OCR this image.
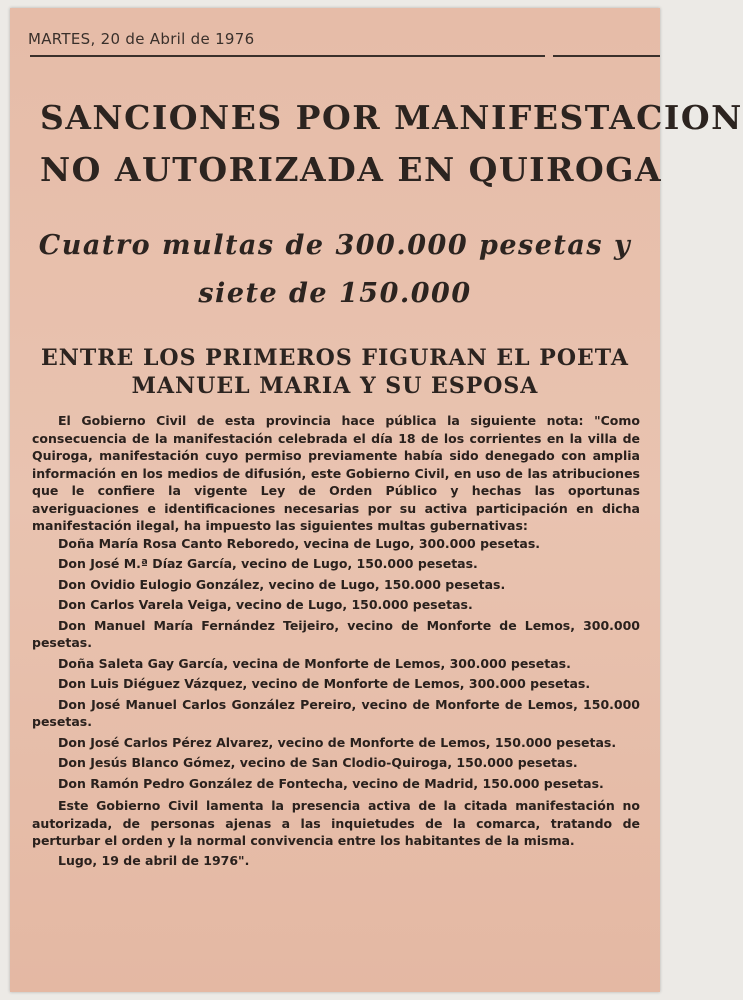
MARTES, 20 de Abril de 1976
SANCIONES POR MANIFESTACION
NO AUTORIZADA EN QUIROGA
Cuatro multas de 300.000 pesetas y
siete de 150.000
ENTRE LOS PRIMEROS FIGURAN EL POETA
MANUEL MARIA Y SU ESPOSA

El Gobierno Civil de esta provincia hace pública la siguiente nota: "Como consecuencia de la manifestación celebrada el día 18 de los corrientes en la villa de Quiroga, manifestación cuyo permiso previamente había sido denegado con amplia información en los medios de difusión, este Gobierno Civil, en uso de las atribuciones que le confiere la vigente Ley de Orden Público y hechas las oportunas averiguaciones e identificaciones necesarias por su activa participación en dicha manifestación ilegal, ha impuesto las siguientes multas gubernativas:

Doña María Rosa Canto Reboredo, vecina de Lugo, 300.000 pesetas.

Don José M.ª Díaz García, vecino de Lugo, 150.000 pesetas.

Don Ovidio Eulogio González, vecino de Lugo, 150.000 pesetas.

Don Carlos Varela Veiga, vecino de Lugo, 150.000 pesetas.

Don Manuel María Fernández Teijeiro, vecino de Monforte de Lemos, 300.000 pesetas.

Doña Saleta Gay García, vecina de Monforte de Lemos, 300.000 pesetas.

Don Luis Diéguez Vázquez, vecino de Monforte de Lemos, 300.000 pesetas.

Don José Manuel Carlos González Pereiro, vecino de Monforte de Lemos, 150.000 pesetas.

Don José Carlos Pérez Alvarez, vecino de Monforte de Lemos, 150.000 pesetas.

Don Jesús Blanco Gómez, vecino de San Clodio-Quiroga, 150.000 pesetas.

Don Ramón Pedro González de Fontecha, vecino de Madrid, 150.000 pesetas.

Este Gobierno Civil lamenta la presencia activa de la citada manifestación no autorizada, de personas ajenas a las inquietudes de la comarca, tratando de perturbar el orden y la normal convivencia entre los habitantes de la misma.

Lugo, 19 de abril de 1976".
